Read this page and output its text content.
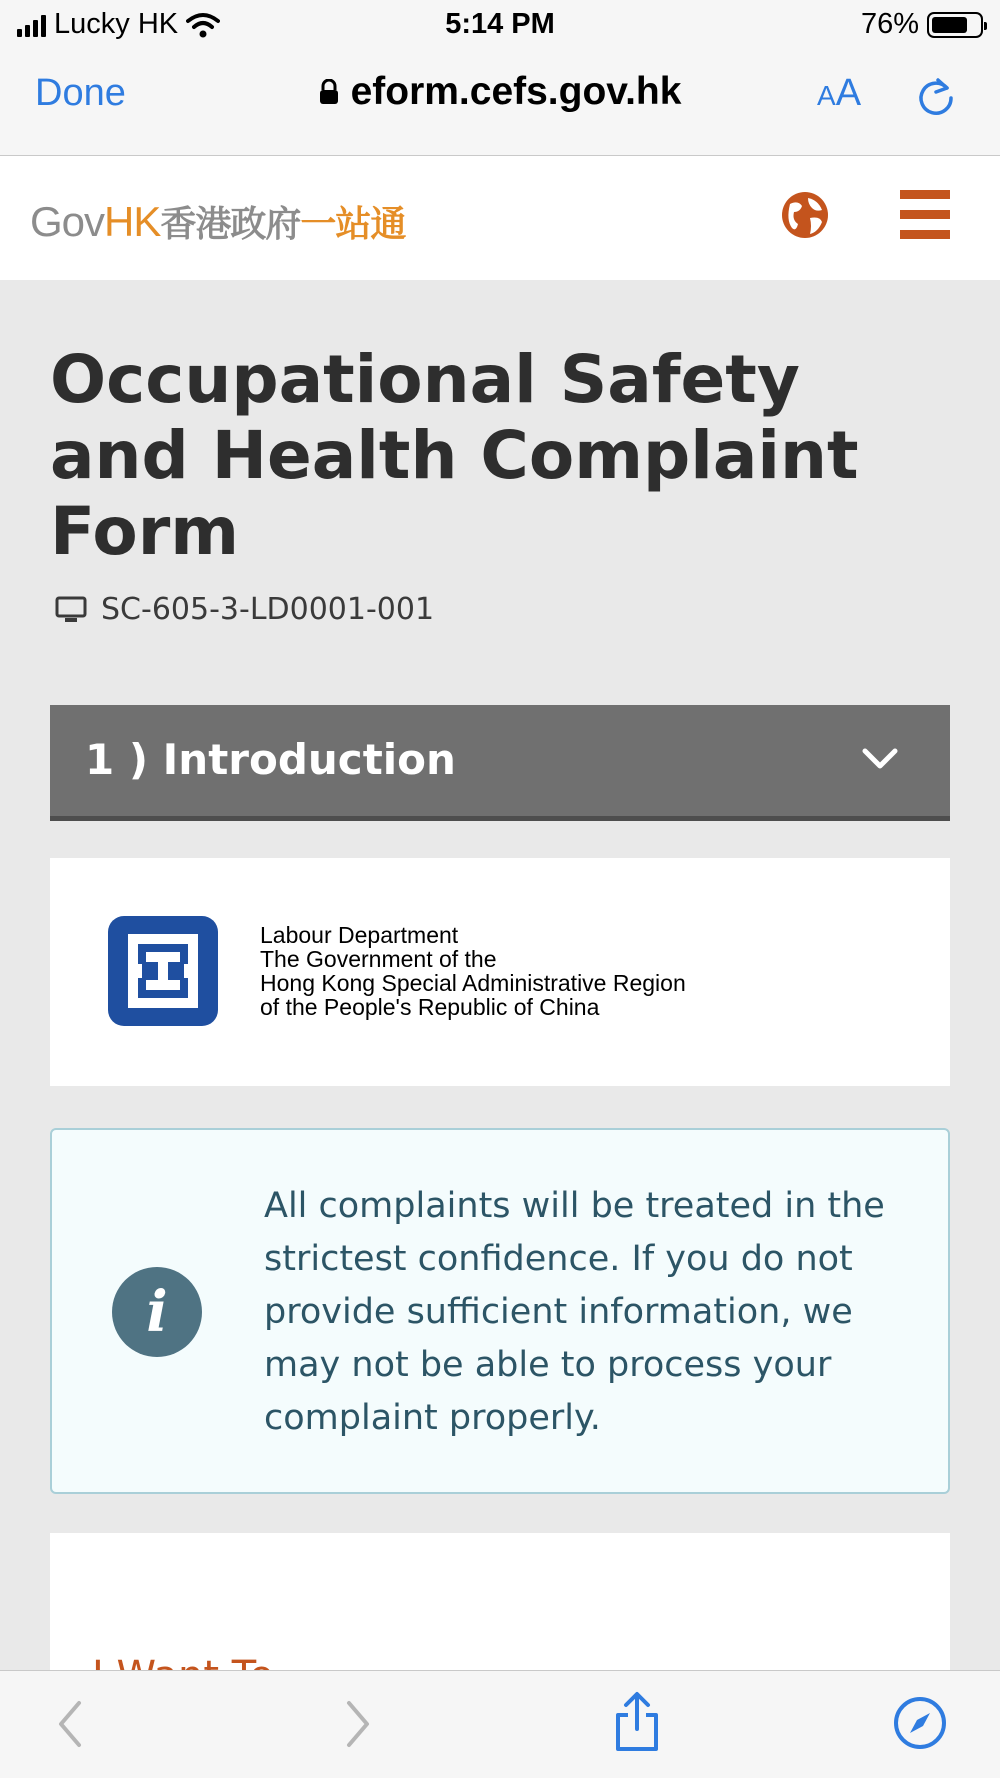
Lucky HK	5:14 PM	76%
Done	eform.cefs.gov.hk	AA
GovHK香港政府一站通
Occupational Safety and Health Complaint Form
SC-605-3-LD0001-001
1 ) Introduction
Labour Department
The Government of the
Hong Kong Special Administrative Region
of the People's Republic of China
i
All complaints will be treated in the strictest confidence. If you do not provide sufficient information, we may not be able to process your complaint properly.
